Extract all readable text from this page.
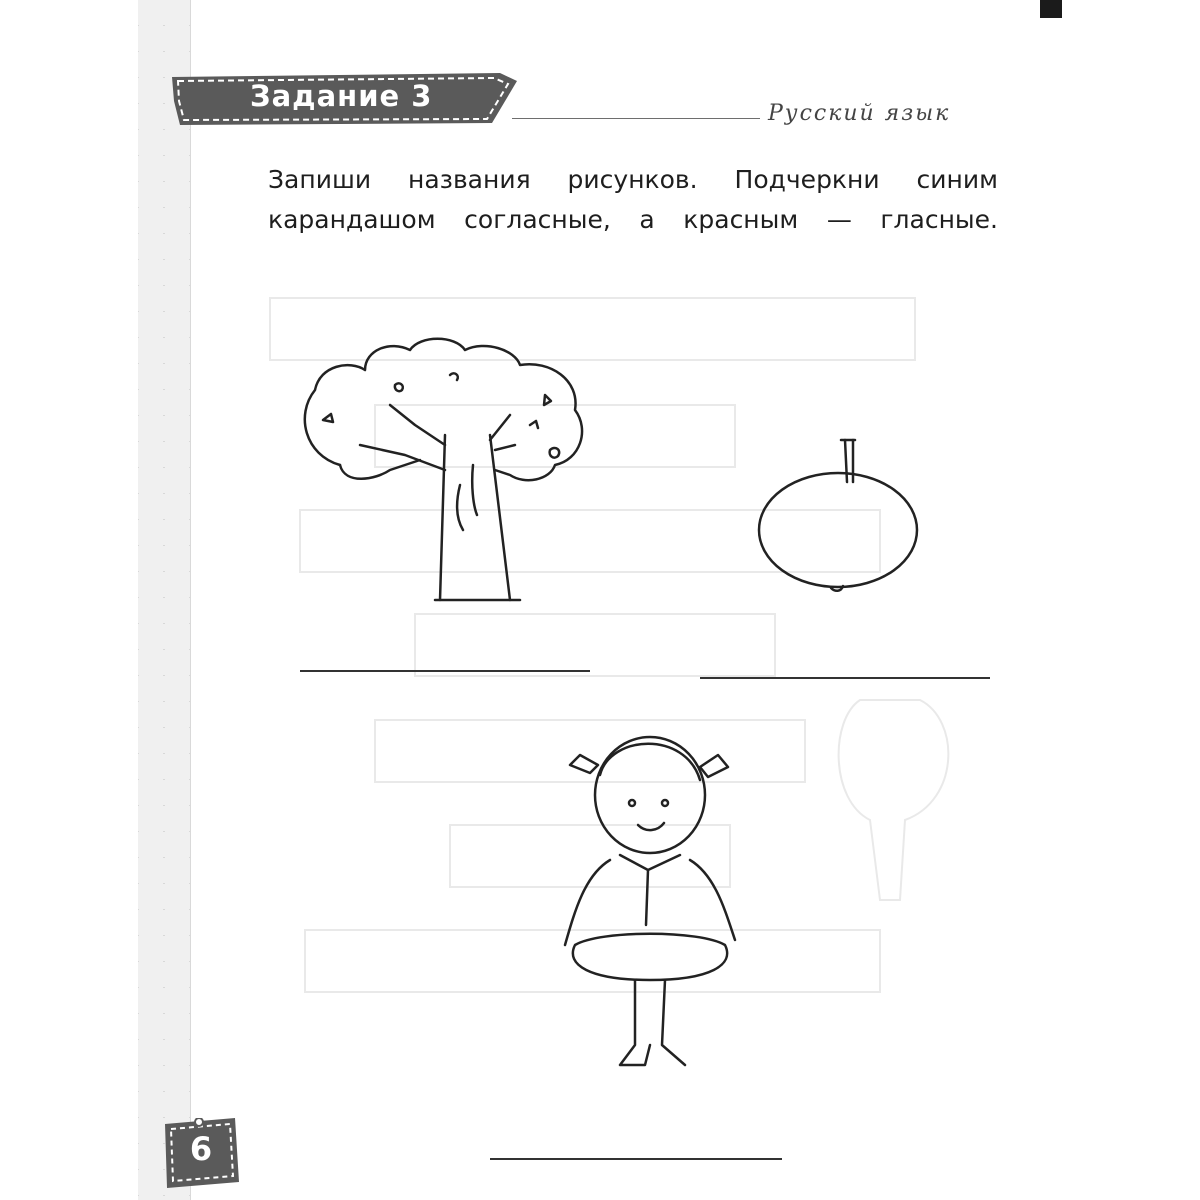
Задание 3
Русский язык
Запиши названия рисунков. Подчеркни синим
карандашом согласные, а красным — гласные.
6
